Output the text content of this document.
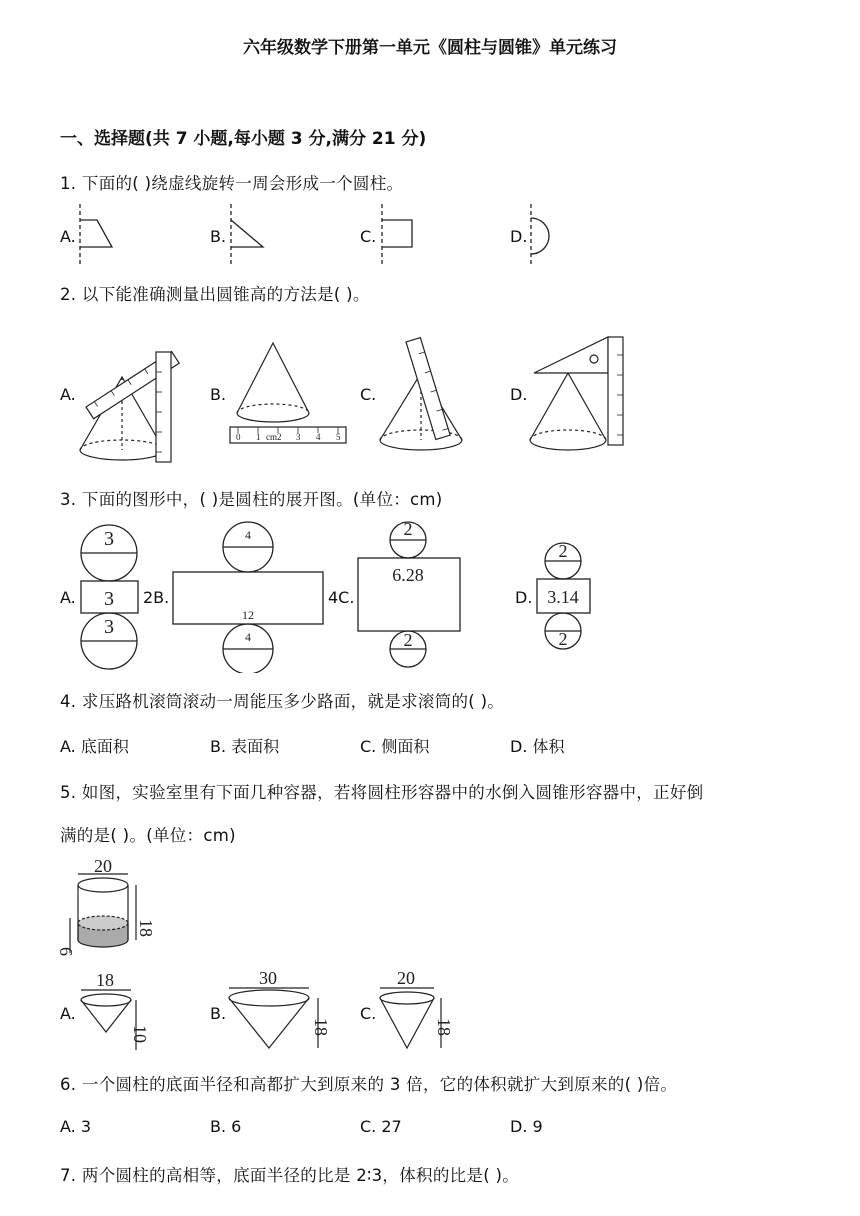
六年级数学下册第一单元《圆柱与圆锥》单元练习
一、选择题(共 7 小题,每小题 3 分,满分 21 分)
1. 下面的( )绕虚线旋转一周会形成一个圆柱。
A.	B.	C.	D.
2. 以下能准确测量出圆锥高的方法是( )。
A.	B.	C.	D.
0 1 cm2 3 4 5
3. 下面的图形中，( )是圆柱的展开图。(单位：cm)
A.	2B.	4C.	D.
3
3
3
4
12
4
2
6.28
2
2
3.14
2
4. 求压路机滚筒滚动一周能压多少路面，就是求滚筒的( )。
A. 底面积	B. 表面积	C. 侧面积	D. 体积
5. 如图，实验室里有下面几种容器，若将圆柱形容器中的水倒入圆锥形容器中，正好倒
满的是( )。(单位：cm)
A.	B.	C.
20
18
6
18
10
30
18
20
18
6. 一个圆柱的底面半径和高都扩大到原来的 3 倍，它的体积就扩大到原来的( )倍。
A. 3	B. 6	C. 27	D. 9
7. 两个圆柱的高相等，底面半径的比是 2∶3，体积的比是( )。
